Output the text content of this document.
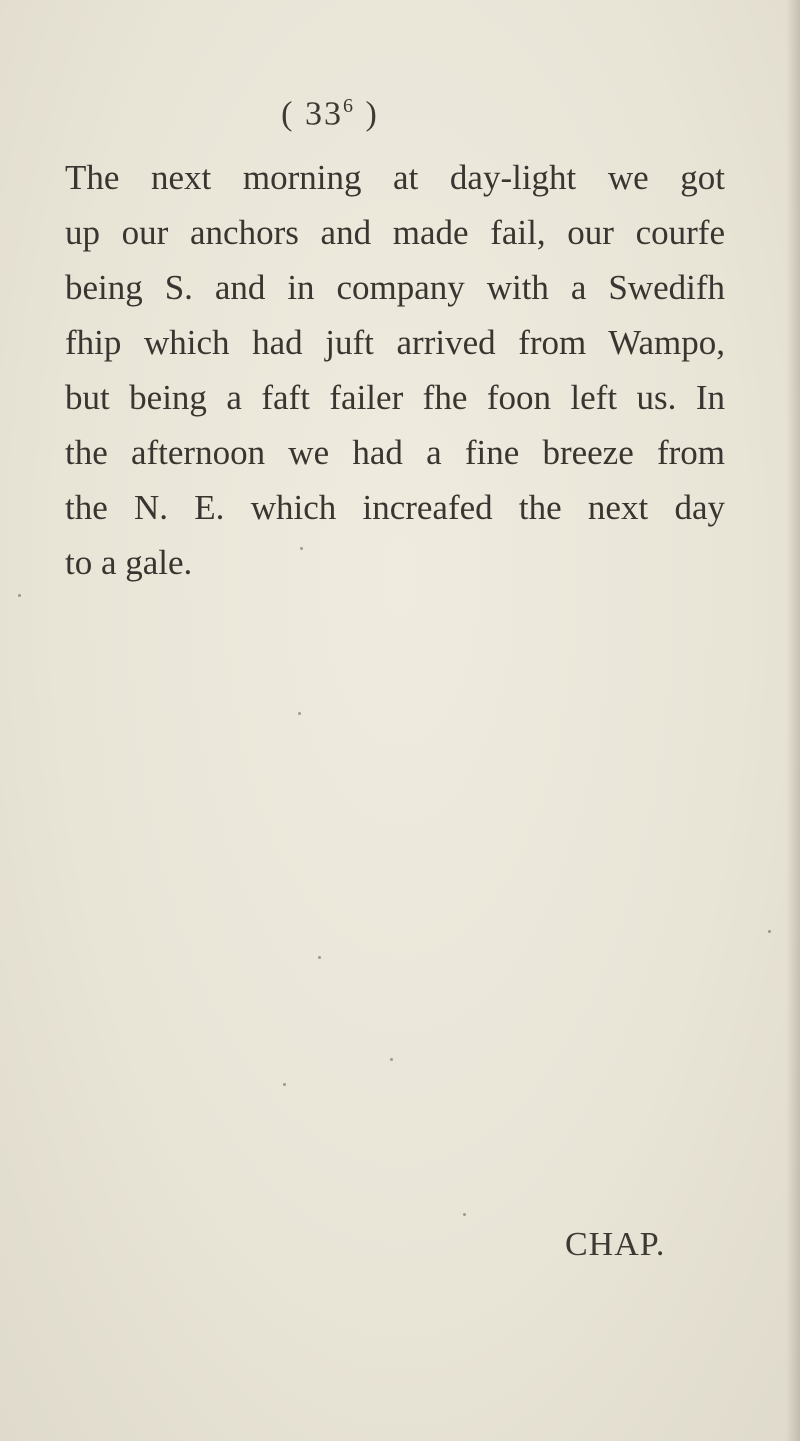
( $33^6$ )
The next morning at day-light we got
up our anchors and made fail, our courfe
being S. and in company with a Swedifh
fhip which had juft arrived from Wampo,
but being a faft failer fhe foon left us. In
the afternoon we had a fine breeze from
the N. E. which increafed the next day
to a gale.
CHAP.
